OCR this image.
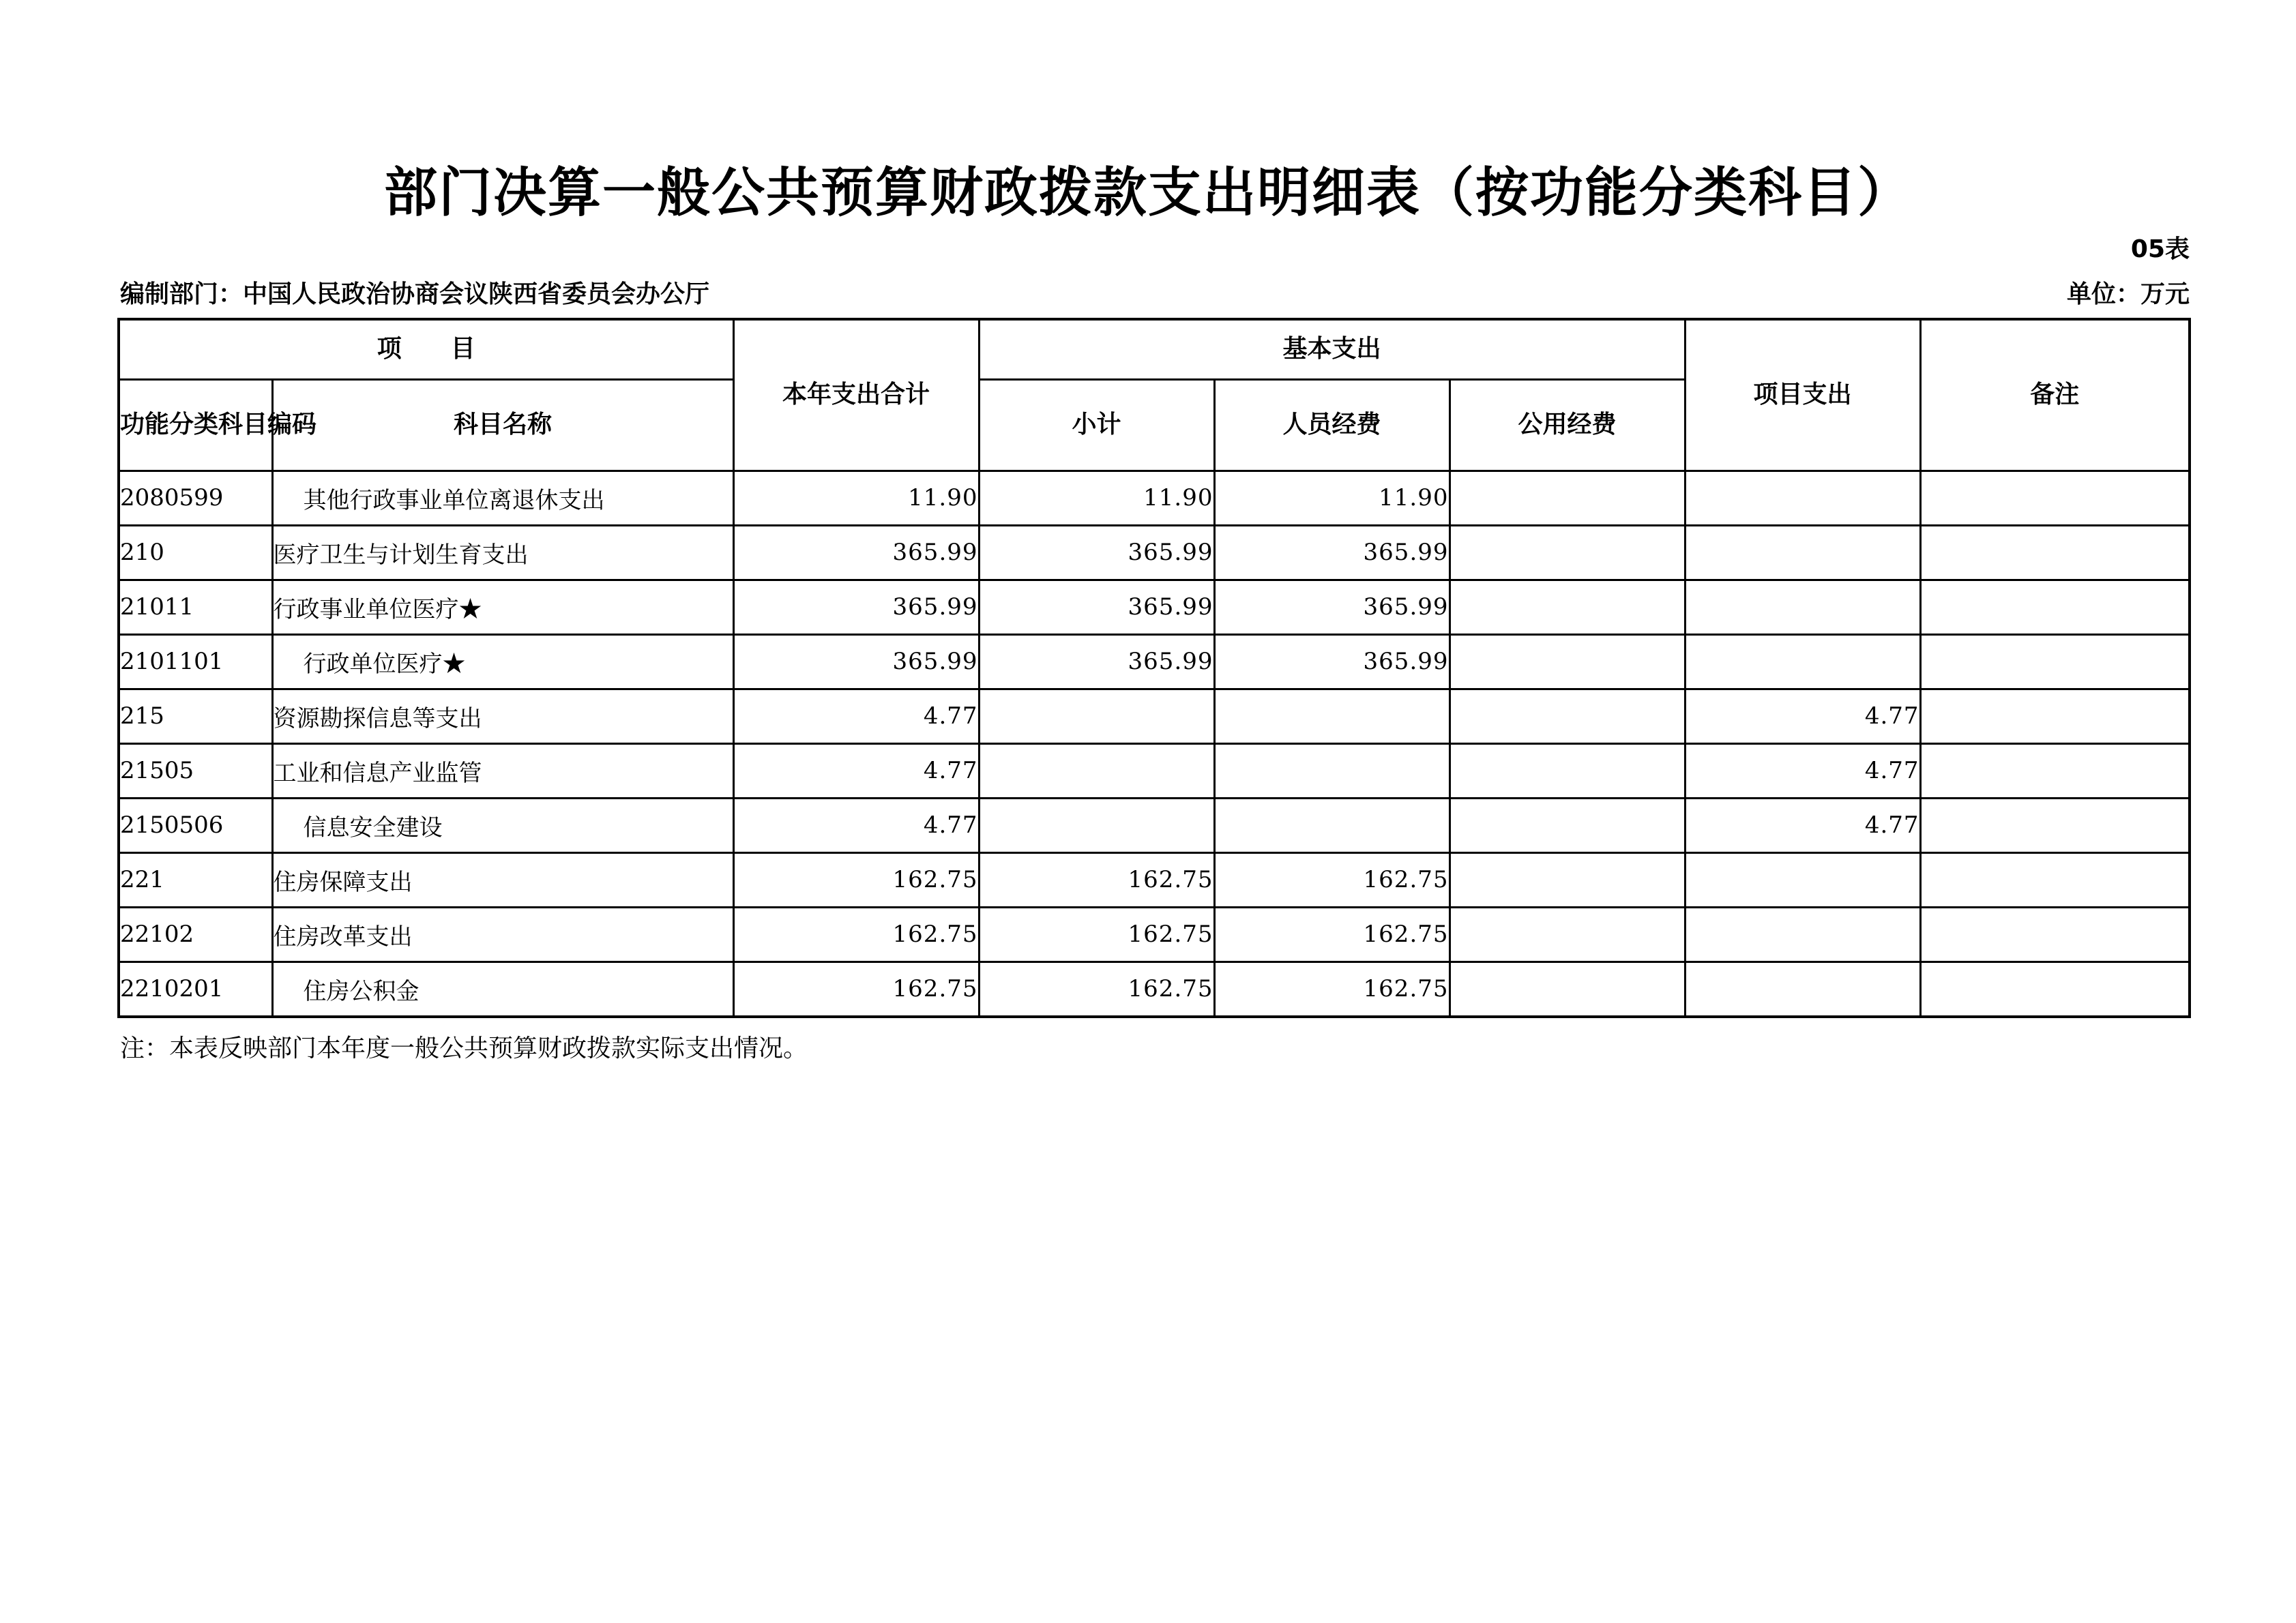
部门决算一般公共预算财政拨款支出明细表（按功能分类科目）
05表
编制部门：中国人民政治协商会议陕西省委员会办公厅	单位：万元
项　　目		本年支出合计	基本支出			项目支出	备注
功能分类科目编码	科目名称		小计	人员经费	公用经费		
2080599	其他行政事业单位离退休支出	11.90	11.90	11.90			
210	医疗卫生与计划生育支出	365.99	365.99	365.99			
21011	行政事业单位医疗★	365.99	365.99	365.99			
2101101	行政单位医疗★	365.99	365.99	365.99			
215	资源勘探信息等支出	4.77				4.77	
21505	工业和信息产业监管	4.77				4.77	
2150506	信息安全建设	4.77				4.77	
221	住房保障支出	162.75	162.75	162.75			
22102	住房改革支出	162.75	162.75	162.75			
2210201	住房公积金	162.75	162.75	162.75			
注：本表反映部门本年度一般公共预算财政拨款实际支出情况。
